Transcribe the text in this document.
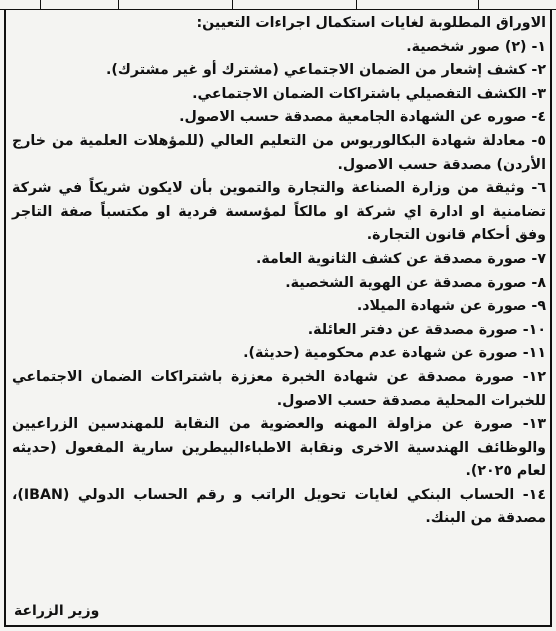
الاوراق المطلوبة لغايات استكمال اجراءات التعيين:

١- (٢) صور شخصية.

٢- كشف إشعار من الضمان الاجتماعي (مشترك أو غير مشترك).

٣- الكشف التفصيلي باشتراكات الضمان الاجتماعي.

٤- صوره عن الشهادة الجامعية مصدقة حسب الاصول.

٥- معادلة شهادة البكالوريوس من التعليم العالي (للمؤهلات العلمية من خارج الأردن) مصدقة حسب الاصول.

٦- وثيقة من وزارة الصناعة والتجارة والتموين بأن لايكون شريكاً في شركة تضامنية او ادارة اي شركة او مالكاً لمؤسسة فردية او مكتسباً صفة التاجر وفق أحكام قانون التجارة.

٧- صورة مصدقة عن كشف الثانوية العامة.

٨- صورة مصدقة عن الهوية الشخصية.

٩- صورة عن شهادة الميلاد.

١٠- صورة مصدقة عن دفتر العائلة.

١١- صورة عن شهادة عدم محكومية (حديثة).

١٢- صورة مصدقة عن شهادة الخبرة معززة باشتراكات الضمان الاجتماعي للخبرات المحلية مصدقة حسب الاصول.

١٣- صورة عن مزاولة المهنه والعضوية من النقابة للمهندسين الزراعيين والوظائف الهندسية الاخرى ونقابة الاطباءالبيطرين سارية المفعول (حديثه لعام ٢٠٢٥).

١٤- الحساب البنكي لغايات تحويل الراتب و رقم الحساب الدولي (IBAN)، مصدقة من البنك.

وزير الزراعة
